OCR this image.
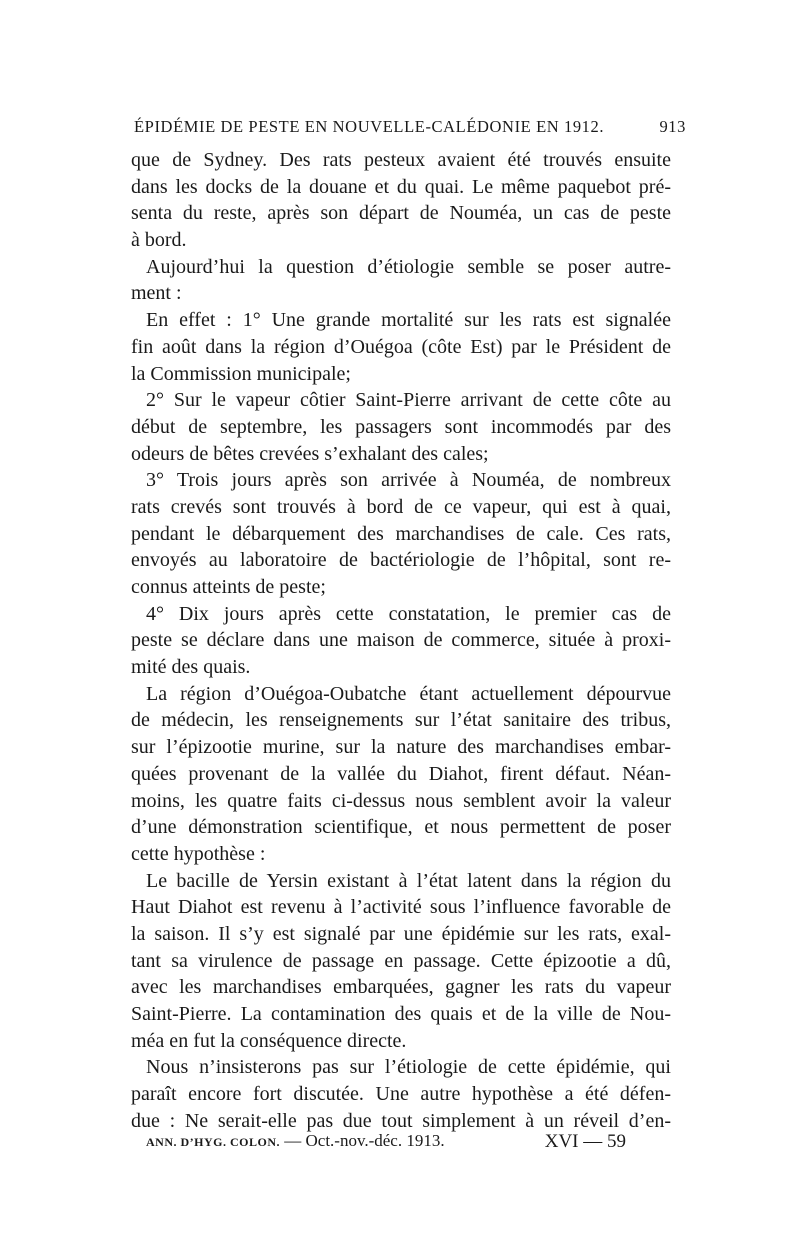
ÉPIDÉMIE DE PESTE EN NOUVELLE-CALÉDONIE EN 1912.	913
que de Sydney. Des rats pesteux avaient été trouvés ensuite
dans les docks de la douane et du quai. Le même paquebot pré-
senta du reste, après son départ de Nouméa, un cas de peste
à bord.
Aujourd’hui la question d’étiologie semble se poser autre-
ment :
En effet : 1° Une grande mortalité sur les rats est signalée
fin août dans la région d’Ouégoa (côte Est) par le Président de
la Commission municipale;
2° Sur le vapeur côtier Saint-Pierre arrivant de cette côte au
début de septembre, les passagers sont incommodés par des
odeurs de bêtes crevées s’exhalant des cales;
3° Trois jours après son arrivée à Nouméa, de nombreux
rats crevés sont trouvés à bord de ce vapeur, qui est à quai,
pendant le débarquement des marchandises de cale. Ces rats,
envoyés au laboratoire de bactériologie de l’hôpital, sont re-
connus atteints de peste;
4° Dix jours après cette constatation, le premier cas de
peste se déclare dans une maison de commerce, située à proxi-
mité des quais.
La région d’Ouégoa-Oubatche étant actuellement dépourvue
de médecin, les renseignements sur l’état sanitaire des tribus,
sur l’épizootie murine, sur la nature des marchandises embar-
quées provenant de la vallée du Diahot, firent défaut. Néan-
moins, les quatre faits ci-dessus nous semblent avoir la valeur
d’une démonstration scientifique, et nous permettent de poser
cette hypothèse :
Le bacille de Yersin existant à l’état latent dans la région du
Haut Diahot est revenu à l’activité sous l’influence favorable de
la saison. Il s’y est signalé par une épidémie sur les rats, exal-
tant sa virulence de passage en passage. Cette épizootie a dû,
avec les marchandises embarquées, gagner les rats du vapeur
Saint-Pierre. La contamination des quais et de la ville de Nou-
méa en fut la conséquence directe.
Nous n’insisterons pas sur l’étiologie de cette épidémie, qui
paraît encore fort discutée. Une autre hypothèse a été défen-
due : Ne serait-elle pas due tout simplement à un réveil d’en-
ANN. D’HYG. COLON. — Oct.-nov.-déc. 1913.	XVI — 59
